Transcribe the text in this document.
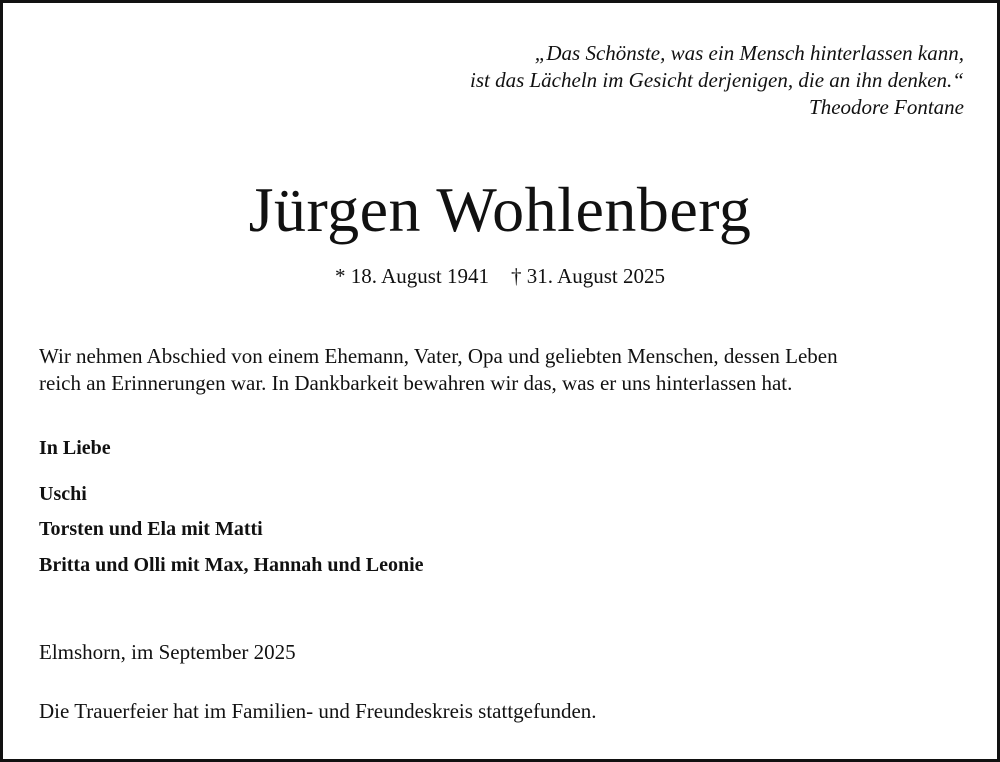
„Das Schönste, was ein Mensch hinterlassen kann,
ist das Lächeln im Gesicht derjenigen, die an ihn denken.“
Theodore Fontane
Jürgen Wohlenberg
* 18. August 1941 † 31. August 2025
Wir nehmen Abschied von einem Ehemann, Vater, Opa und geliebten Menschen, dessen Leben
reich an Erinnerungen war. In Dankbarkeit bewahren wir das, was er uns hinterlassen hat.
In Liebe
Uschi
Torsten und Ela mit Matti
Britta und Olli mit Max, Hannah und Leonie
Elmshorn, im September 2025
Die Trauerfeier hat im Familien- und Freundeskreis stattgefunden.
